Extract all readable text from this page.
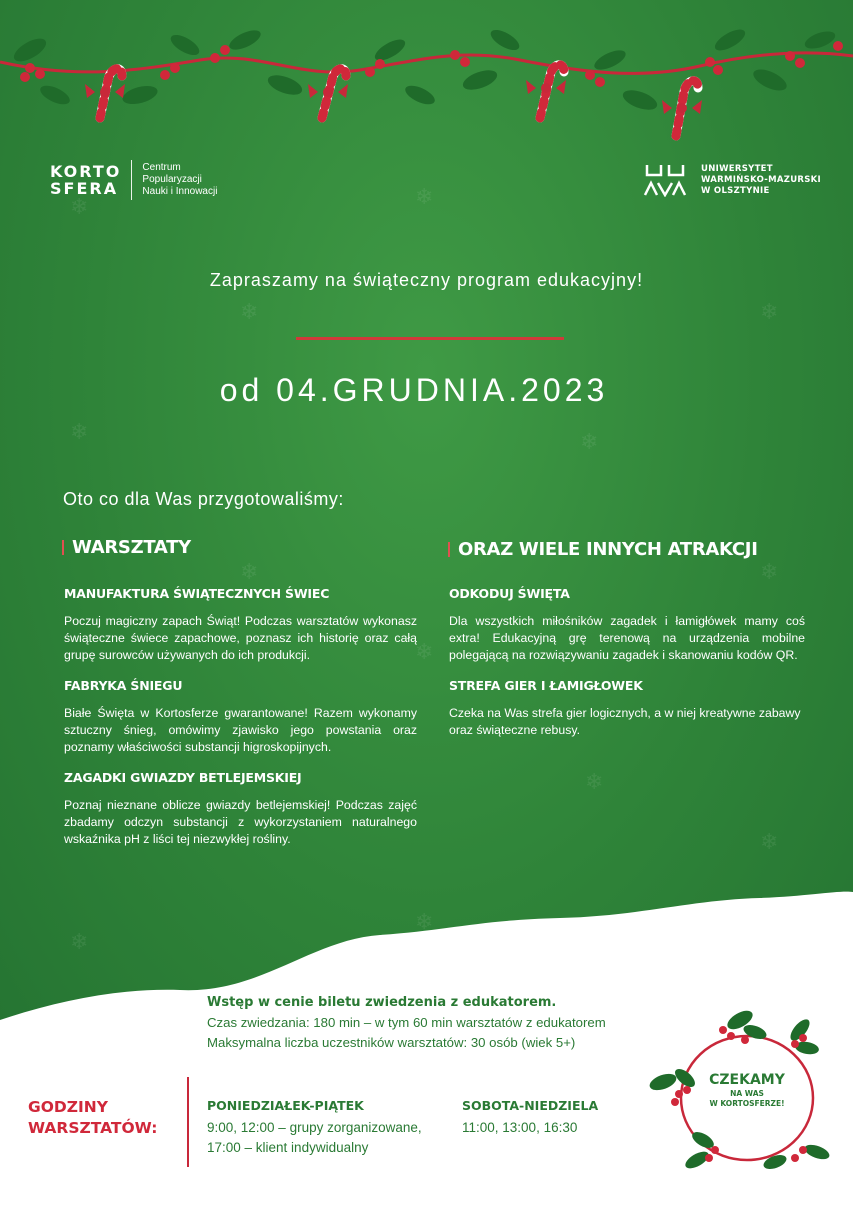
❄	❄
❄	❄
❄	❄
❄	❄
❄
❄
❄
❄
❄
KORTO
SFERA
Centrum
Popularyzacji
Nauki i Innowacji
UNIWERSYTET
WARMIŃSKO-MAZURSKI
W OLSZTYNIE
Zapraszamy na świąteczny program edukacyjny!
od 04.GRUDNIA.2023
Oto co dla Was przygotowaliśmy:
WARSZTATY	ORAZ WIELE INNYCH ATRAKCJI
MANUFAKTURA ŚWIĄTECZNYCH ŚWIEC
Poczuj magiczny zapach Świąt! Podczas warsztatów wykonasz świąteczne świece zapachowe, poznasz ich historię oraz całą grupę surowców używanych do ich produkcji.
FABRYKA ŚNIEGU
Białe Święta w Kortosferze gwarantowane! Razem wykonamy sztuczny śnieg, omówimy zjawisko jego powstania oraz poznamy właściwości substancji higroskopijnych.
ZAGADKI GWIAZDY BETLEJEMSKIEJ
Poznaj nieznane oblicze gwiazdy betlejemskiej! Podczas zajęć zbadamy odczyn substancji z wykorzystaniem naturalnego wskaźnika pH z liści tej niezwykłej rośliny.
ODKODUJ ŚWIĘTA
Dla wszystkich miłośników zagadek i łamigłówek mamy coś extra! Edukacyjną grę terenową na urządzenia mobilne polegającą na rozwiązywaniu zagadek i skanowaniu kodów QR.
STREFA GIER I ŁAMIGŁOWEK
Czeka na Was strefa gier logicznych, a w niej kreatywne zabawy oraz świąteczne rebusy.
Wstęp w cenie biletu zwiedzenia z edukatorem.
Czas zwiedzania: 180 min – w tym 60 min warsztatów z edukatorem
Maksymalna liczba uczestników warsztatów: 30 osób (wiek 5+)
GODZINY
WARSZTATÓW:
PONIEDZIAŁEK-PIĄTEK
9:00, 12:00 – grupy zorganizowane,
17:00 – klient indywidualny
SOBOTA-NIEDZIELA
11:00, 13:00, 16:30
CZEKAMY
NA WAS
W KORTOSFERZE!
